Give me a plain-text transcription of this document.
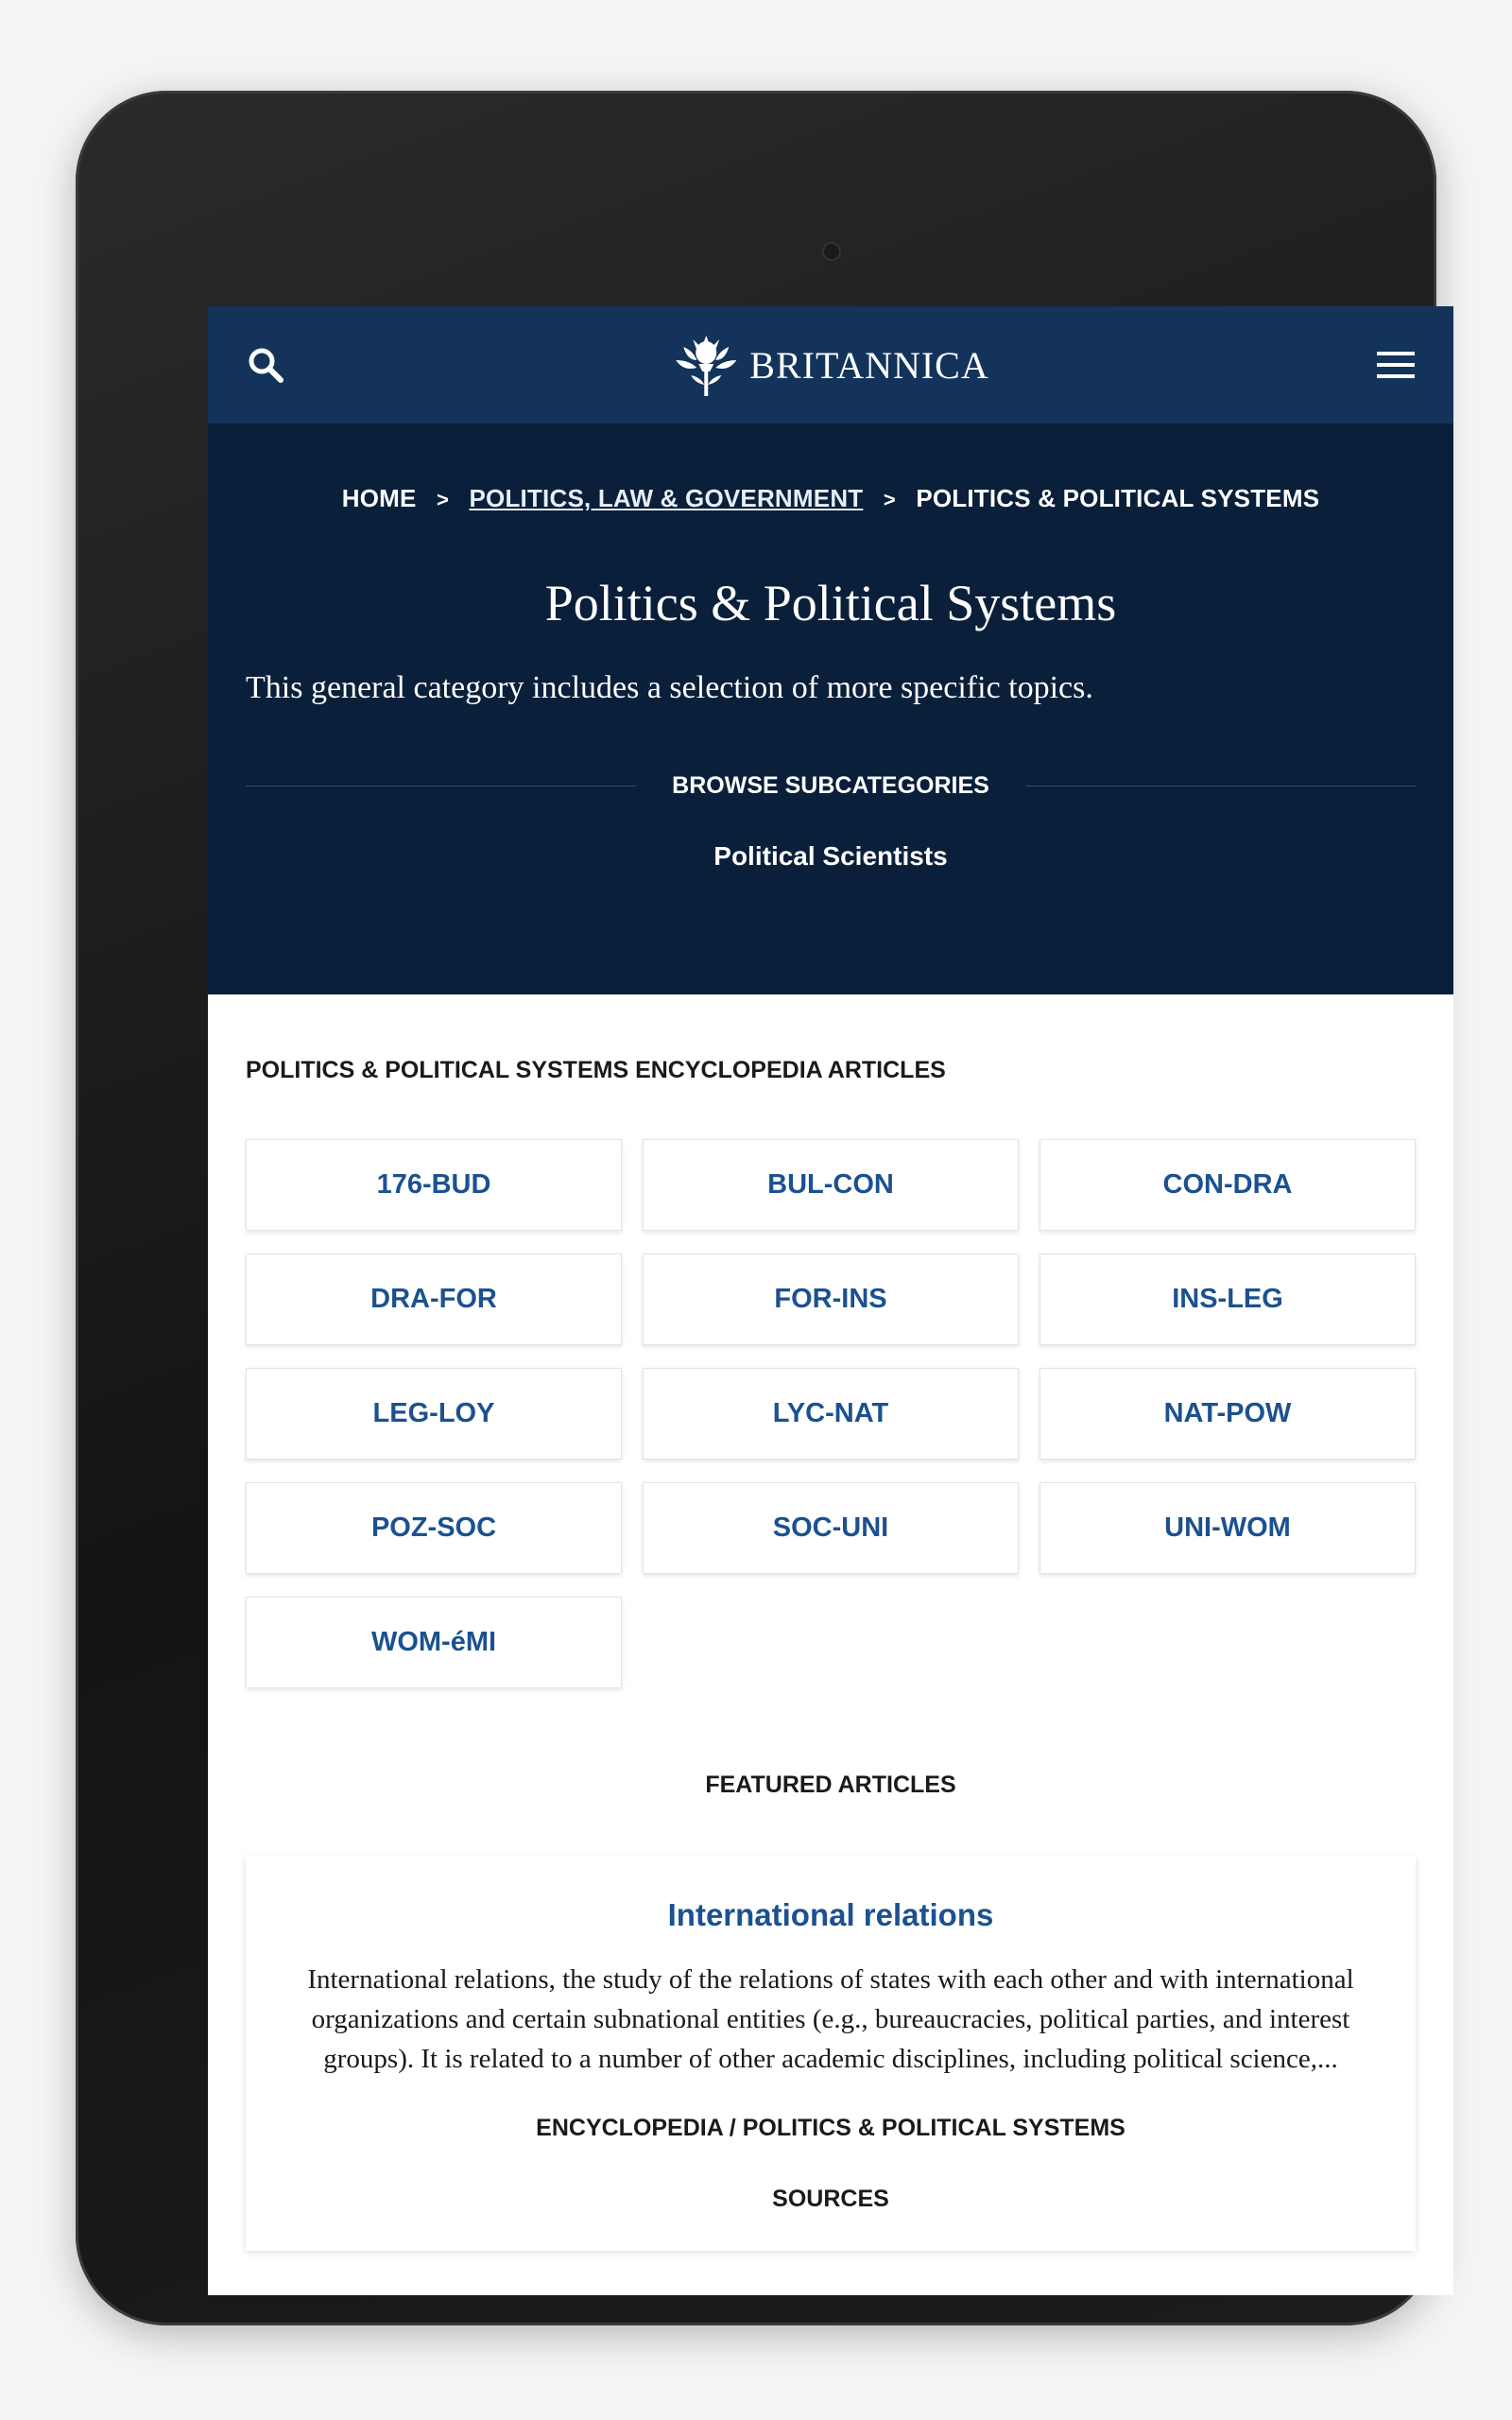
BRITANNICA
HOME > POLITICS, LAW & GOVERNMENT > POLITICS & POLITICAL SYSTEMS
Politics & Political Systems
This general category includes a selection of more specific topics.
BROWSE SUBCATEGORIES
Political Scientists
POLITICS & POLITICAL SYSTEMS ENCYCLOPEDIA ARTICLES
176-BUD	BUL-CON	CON-DRA
DRA-FOR	FOR-INS	INS-LEG
LEG-LOY	LYC-NAT	NAT-POW
POZ-SOC	SOC-UNI	UNI-WOM
WOM-éMI
FEATURED ARTICLES
International relations
International relations, the study of the relations of states with each other and with international organizations and certain subnational entities (e.g., bureaucracies, political parties, and interest groups). It is related to a number of other academic disciplines, including political science,...
ENCYCLOPEDIA / POLITICS & POLITICAL SYSTEMS
SOURCES
